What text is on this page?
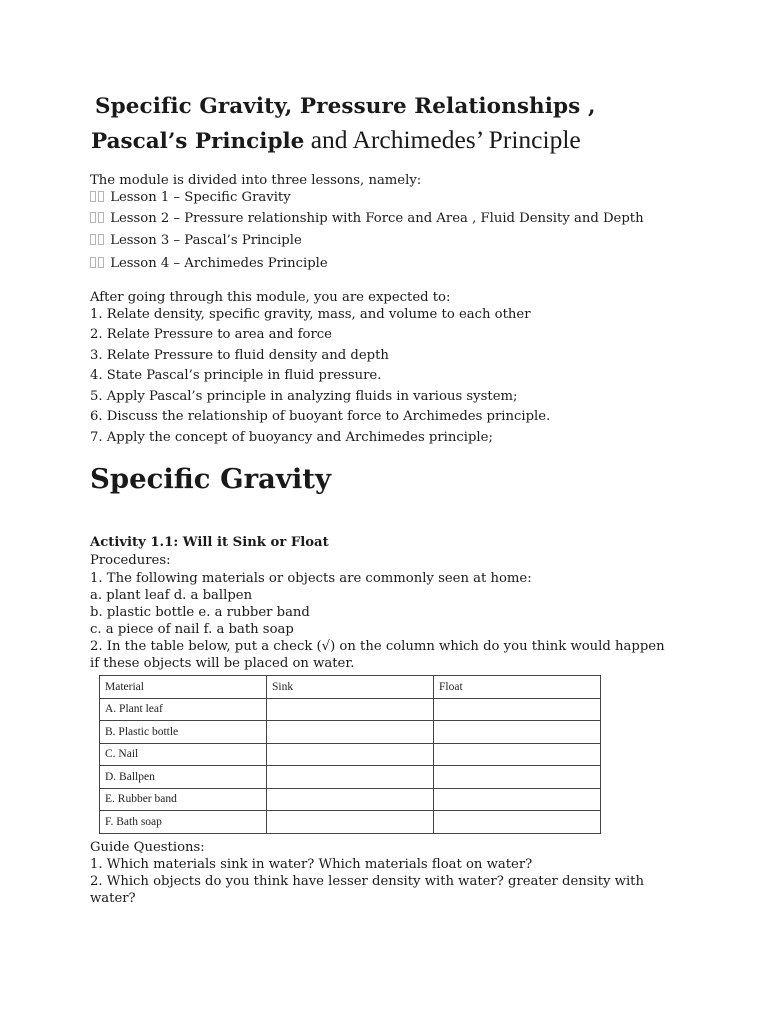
Specific Gravity, Pressure Relationships ,
Pascal’s Principle and Archimedes’ Principle
The module is divided into three lessons, namely:
Lesson 1 – Specific Gravity
Lesson 2 – Pressure relationship with Force and Area , Fluid Density and Depth
Lesson 3 – Pascal’s Principle
Lesson 4 – Archimedes Principle
After going through this module, you are expected to:
1. Relate density, specific gravity, mass, and volume to each other
2. Relate Pressure to area and force
3. Relate Pressure to fluid density and depth
4. State Pascal’s principle in fluid pressure.
5. Apply Pascal’s principle in analyzing fluids in various system;
6. Discuss the relationship of buoyant force to Archimedes principle.
7. Apply the concept of buoyancy and Archimedes principle;
Specific Gravity
Activity 1.1: Will it Sink or Float
Procedures:
1. The following materials or objects are commonly seen at home:
a. plant leaf d. a ballpen
b. plastic bottle e. a rubber band
c. a piece of nail f. a bath soap
2. In the table below, put a check (√) on the column which do you think would happen
if these objects will be placed on water.
Material	Sink	Float
A. Plant leaf		
B. Plastic bottle		
C. Nail		
D. Ballpen		
E. Rubber band		
F. Bath soap		
Guide Questions:
1. Which materials sink in water? Which materials float on water?
2. Which objects do you think have lesser density with water? greater density with
water?
